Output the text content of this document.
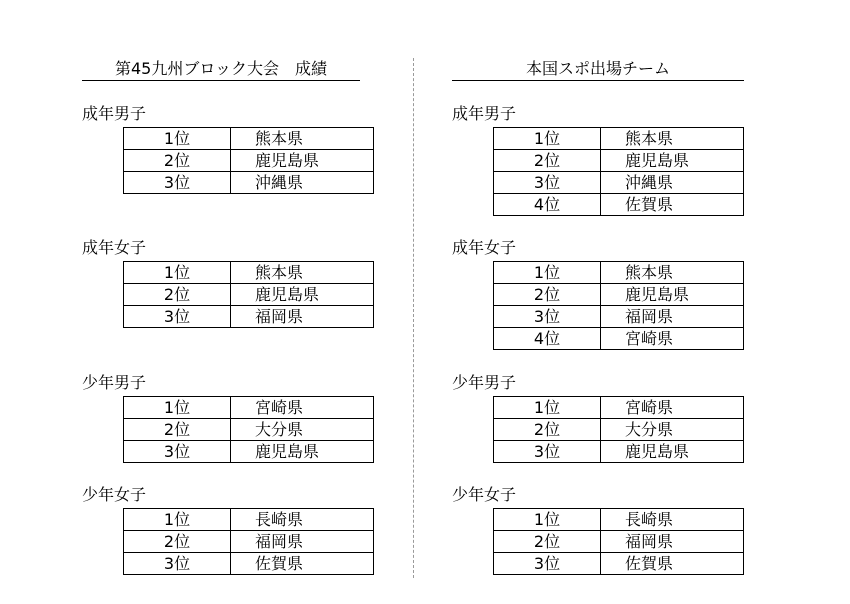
第45九州ブロック大会　成績
成年男子
1位	熊本県
2位	鹿児島県
3位	沖縄県
成年女子
1位	熊本県
2位	鹿児島県
3位	福岡県
少年男子
1位	宮崎県
2位	大分県
3位	鹿児島県
少年女子
1位	長崎県
2位	福岡県
3位	佐賀県
本国スポ出場チーム
成年男子
1位	熊本県
2位	鹿児島県
3位	沖縄県
4位	佐賀県
成年女子
1位	熊本県
2位	鹿児島県
3位	福岡県
4位	宮崎県
少年男子
1位	宮崎県
2位	大分県
3位	鹿児島県
少年女子
1位	長崎県
2位	福岡県
3位	佐賀県
